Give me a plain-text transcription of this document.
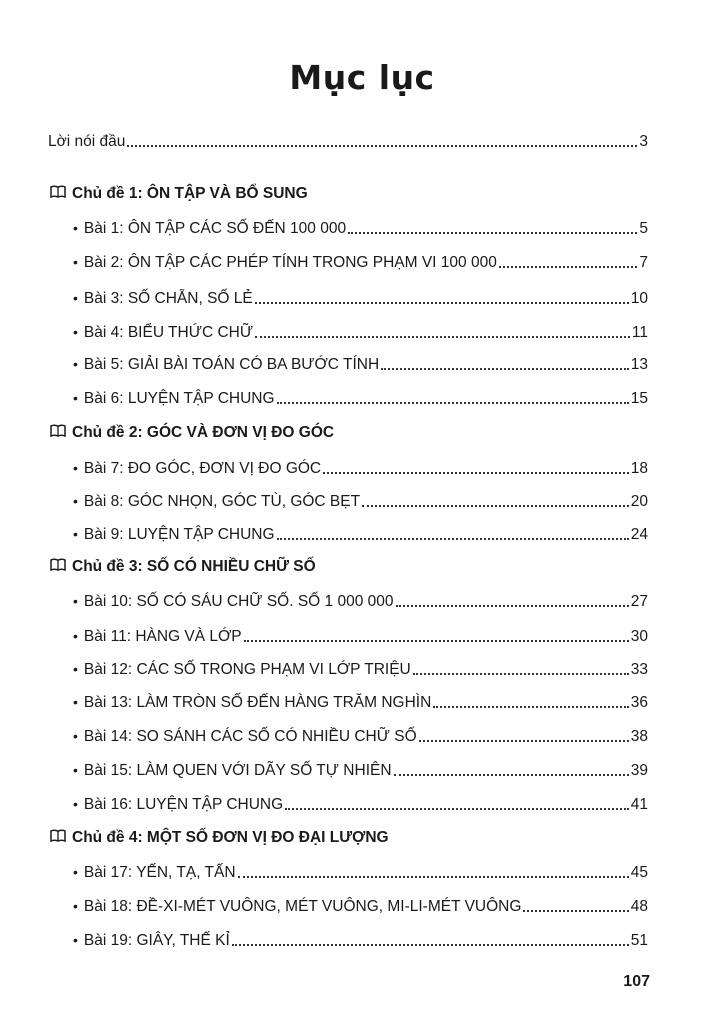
Mục lục
Lời nói đầu	3
Chủ đề 1: ÔN TẬP VÀ BỔ SUNG
• Bài 1: ÔN TẬP CÁC SỐ ĐẾN 100 000	5
• Bài 2: ÔN TẬP CÁC PHÉP TÍNH TRONG PHẠM VI 100 000	7
• Bài 3: SỐ CHẴN, SỐ LẺ	10
• Bài 4: BIỂU THỨC CHỮ	11
• Bài 5: GIẢI BÀI TOÁN CÓ BA BƯỚC TÍNH	13
• Bài 6: LUYỆN TẬP CHUNG	15
Chủ đề 2: GÓC VÀ ĐƠN VỊ ĐO GÓC
• Bài 7: ĐO GÓC, ĐƠN VỊ ĐO GÓC	18
• Bài 8: GÓC NHỌN, GÓC TÙ, GÓC BẸT	20
• Bài 9: LUYỆN TẬP CHUNG	24
Chủ đề 3: SỐ CÓ NHIỀU CHỮ SỐ
• Bài 10: SỐ CÓ SÁU CHỮ SỐ. SỐ 1 000 000	27
• Bài 11: HÀNG VÀ LỚP	30
• Bài 12: CÁC SỐ TRONG PHẠM VI LỚP TRIỆU	33
• Bài 13: LÀM TRÒN SỐ ĐẾN HÀNG TRĂM NGHÌN	36
• Bài 14: SO SÁNH CÁC SỐ CÓ NHIỀU CHỮ SỐ	38
• Bài 15: LÀM QUEN VỚI DÃY SỐ TỰ NHIÊN	39
• Bài 16: LUYỆN TẬP CHUNG	41
Chủ đề 4: MỘT SỐ ĐƠN VỊ ĐO ĐẠI LƯỢNG
• Bài 17: YẾN, TẠ, TẤN	45
• Bài 18: ĐỀ-XI-MÉT VUÔNG, MÉT VUÔNG, MI-LI-MÉT VUÔNG	48
• Bài 19: GIÂY, THẾ KỈ	51
107
